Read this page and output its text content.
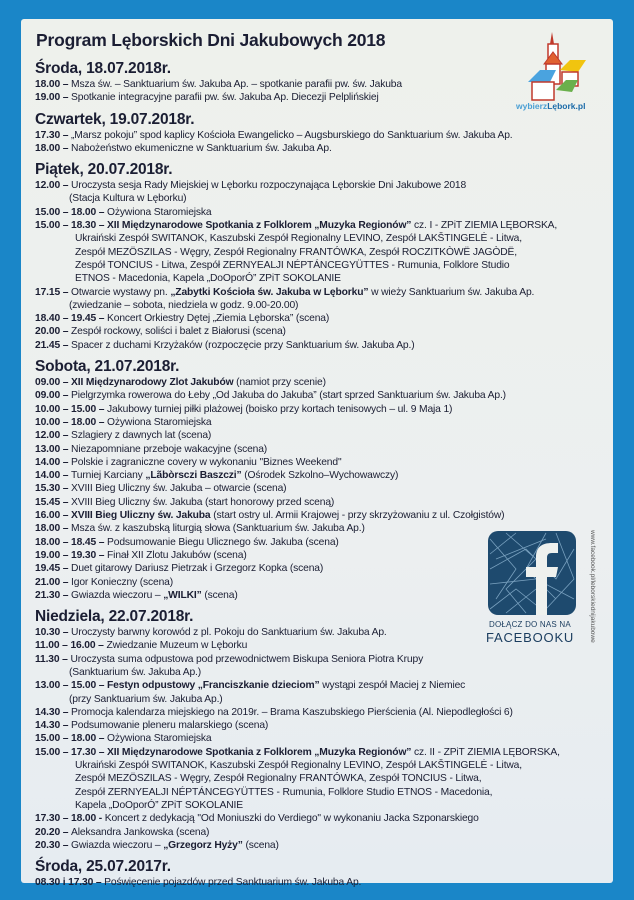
Program Lęborskich Dni Jakubowych 2018
wybierzLębork.pl
DOŁĄCZ DO NAS NA
FACEBOOKU www.facebook.pl/leborskiednijakubowe
Środa, 18.07.2018r.
18.00 – Msza św. – Sanktuarium św. Jakuba Ap. – spotkanie parafii pw. św. Jakuba
19.00 – Spotkanie integracyjne parafii pw. św. Jakuba Ap. Diecezji Pelplińskiej
Czwartek, 19.07.2018r.
17.30 – „Marsz pokoju” spod kaplicy Kościoła Ewangelicko – Augsburskiego do Sanktuarium św. Jakuba Ap.
18.00 – Nabożeństwo ekumeniczne w Sanktuarium św. Jakuba Ap.
Piątek, 20.07.2018r.
12.00 – Uroczysta sesja Rady Miejskiej w Lęborku rozpoczynająca Lęborskie Dni Jakubowe 2018
(Stacja Kultura w Lęborku)
15.00 – 18.00 – Ożywiona Staromiejska
15.00 – 18.30 – XII Międzynarodowe Spotkania z Folklorem „Muzyka Regionów” cz. I - ZPiT ZIEMIA LĘBORSKA,
Ukraiński Zespół SWITANOK, Kaszubski Zespół Regionalny LEVINO, Zespół LAKŠTINGELĖ - Litwa,
Zespół MEZÖSZILAS - Węgry, Zespół Regionalny FRANTÓWKA, Zespół ROCZITKÒWË JAGÒDË,
Zespół TONCIUS - Litwa, Zespół ZERNYEALJI NÉPTÁNCEGYÜTTES - Rumunia, Folklore Studio
ETNOS - Macedonia, Kapela „DoOporÓ” ZPiT SOKOLANIE
17.15 – Otwarcie wystawy pn. „Zabytki Kościoła św. Jakuba w Lęborku” w wieży Sanktuarium św. Jakuba Ap.
(zwiedzanie – sobota, niedziela w godz. 9.00-20.00)
18.40 – 19.45 – Koncert Orkiestry Dętej „Ziemia Lęborska” (scena)
20.00 – Zespół rockowy, soliści i balet z Białorusi (scena)
21.45 – Spacer z duchami Krzyżaków (rozpoczęcie przy Sanktuarium św. Jakuba Ap.)
Sobota, 21.07.2018r.
09.00 – XII Międzynarodowy Zlot Jakubów (namiot przy scenie)
09.00 – Pielgrzymka rowerowa do Łeby „Od Jakuba do Jakuba” (start sprzed Sanktuarium św. Jakuba Ap.)
10.00 – 15.00 – Jakubowy turniej piłki plażowej (boisko przy kortach tenisowych – ul. 9 Maja 1)
10.00 – 18.00 – Ożywiona Staromiejska
12.00 – Szlagiery z dawnych lat (scena)
13.00 – Niezapomniane przeboje wakacyjne (scena)
14.00 – Polskie i zagraniczne covery w wykonaniu "Biznes Weekend"
14.00 – Turniej Karciany „Lãbòrsczi Baszczi” (Ośrodek Szkolno–Wychowawczy)
15.30 – XVIII Bieg Uliczny św. Jakuba – otwarcie (scena)
15.45 – XVIII Bieg Uliczny św. Jakuba (start honorowy przed sceną)
16.00 – XVIII Bieg Uliczny św. Jakuba (start ostry ul. Armii Krajowej - przy skrzyżowaniu z ul. Czołgistów)
18.00 – Msza św. z kaszubską liturgią słowa (Sanktuarium św. Jakuba Ap.)
18.00 – 18.45 – Podsumowanie Biegu Ulicznego św. Jakuba (scena)
19.00 – 19.30 – Finał XII Zlotu Jakubów (scena)
19.45 – Duet gitarowy Dariusz Pietrzak i Grzegorz Kopka (scena)
21.00 – Igor Konieczny (scena)
21.30 – Gwiazda wieczoru – „WILKI” (scena)
Niedziela, 22.07.2018r.
10.30 – Uroczysty barwny korowód z pl. Pokoju do Sanktuarium św. Jakuba Ap.
11.00 – 16.00 – Zwiedzanie Muzeum w Lęborku
11.30 – Uroczysta suma odpustowa pod przewodnictwem Biskupa Seniora Piotra Krupy
(Sanktuarium św. Jakuba Ap.)
13.00 – 15.00 – Festyn odpustowy „Franciszkanie dzieciom” wystąpi zespół Maciej z Niemiec
(przy Sanktuarium św. Jakuba Ap.)
14.30 – Promocja kalendarza miejskiego na 2019r. – Brama Kaszubskiego Pierścienia (Al. Niepodległości 6)
14.30 – Podsumowanie pleneru malarskiego (scena)
15.00 – 18.00 – Ożywiona Staromiejska
15.00 – 17.30 – XII Międzynarodowe Spotkania z Folklorem „Muzyka Regionów” cz. II - ZPiT ZIEMIA LĘBORSKA,
Ukraiński Zespół SWITANOK, Kaszubski Zespół Regionalny LEVINO, Zespół LAKŠTINGELĖ - Litwa,
Zespół MEZÖSZILAS - Węgry, Zespół Regionalny FRANTÓWKA, Zespół TONCIUS - Litwa,
Zespół ZERNYEALJI NÉPTÁNCEGYÜTTES - Rumunia, Folklore Studio ETNOS - Macedonia,
Kapela „DoOporÓ” ZPiT SOKOLANIE
17.30 – 18.00 - Koncert z dedykacją "Od Moniuszki do Verdiego" w wykonaniu Jacka Szponarskiego
20.20 – Aleksandra Jankowska (scena)
20.30 – Gwiazda wieczoru – „Grzegorz Hyży” (scena)
Środa, 25.07.2017r.
08.30 i 17.30 – Poświęcenie pojazdów przed Sanktuarium św. Jakuba Ap.
